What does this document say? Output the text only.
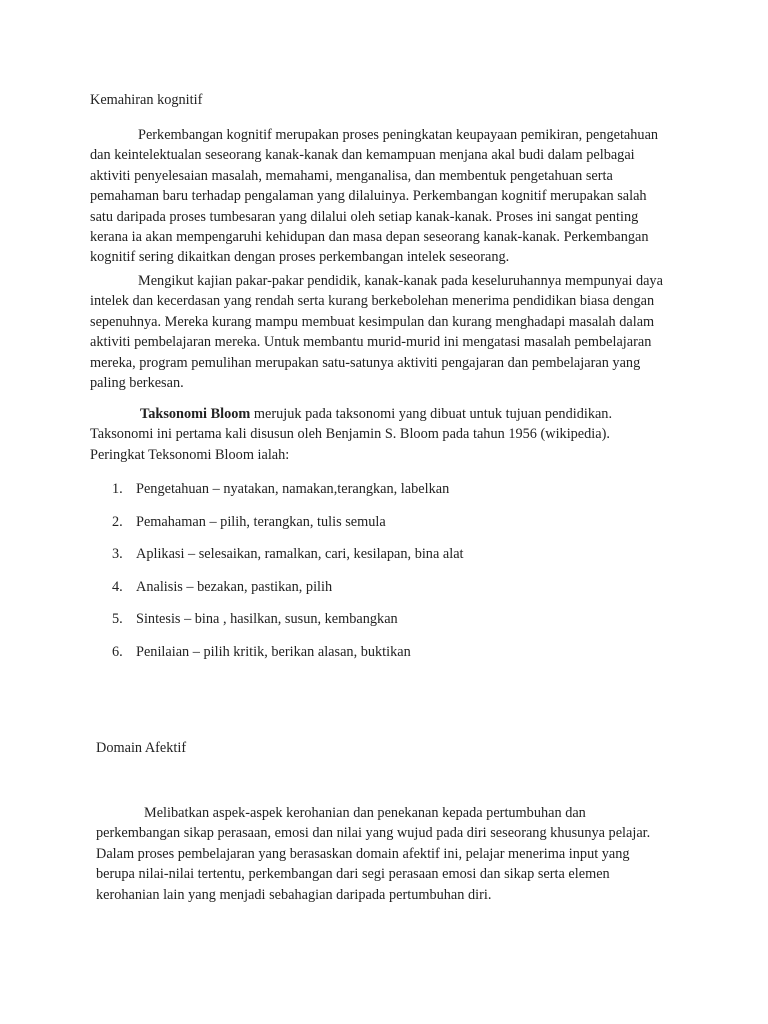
Kemahiran kognitif

Perkembangan kognitif merupakan proses peningkatan keupayaan pemikiran, pengetahuan
dan keintelektualan seseorang kanak-kanak dan kemampuan menjana akal budi dalam pelbagai
aktiviti penyelesaian masalah, memahami, menganalisa, dan membentuk pengetahuan serta
pemahaman baru terhadap pengalaman yang dilaluinya. Perkembangan kognitif merupakan salah
satu daripada proses tumbesaran yang dilalui oleh setiap kanak-kanak. Proses ini sangat penting
kerana ia akan mempengaruhi kehidupan dan masa depan seseorang kanak-kanak. Perkembangan
kognitif sering dikaitkan dengan proses perkembangan intelek seseorang.

Mengikut kajian pakar-pakar pendidik, kanak-kanak pada keseluruhannya mempunyai daya
intelek dan kecerdasan yang rendah serta kurang berkebolehan menerima pendidikan biasa dengan
sepenuhnya. Mereka kurang mampu membuat kesimpulan dan kurang menghadapi masalah dalam
aktiviti pembelajaran mereka. Untuk membantu murid-murid ini mengatasi masalah pembelajaran
mereka, program pemulihan merupakan satu-satunya aktiviti pengajaran dan pembelajaran yang
paling berkesan.

Taksonomi Bloom merujuk pada taksonomi yang dibuat untuk tujuan pendidikan.
Taksonomi ini pertama kali disusun oleh Benjamin S. Bloom pada tahun 1956 (wikipedia).
Peringkat Teksonomi Bloom ialah:

1. Pengetahuan – nyatakan, namakan,terangkan, labelkan
2. Pemahaman – pilih, terangkan, tulis semula
3. Aplikasi – selesaikan, ramalkan, cari, kesilapan, bina alat
4. Analisis – bezakan, pastikan, pilih
5. Sintesis – bina , hasilkan, susun, kembangkan
6. Penilaian – pilih kritik, berikan alasan, buktikan
Domain Afektif

Melibatkan aspek-aspek kerohanian dan penekanan kepada pertumbuhan dan
perkembangan sikap perasaan, emosi dan nilai yang wujud pada diri seseorang khusunya pelajar.
Dalam proses pembelajaran yang berasaskan domain afektif ini, pelajar menerima input yang
berupa nilai-nilai tertentu, perkembangan dari segi perasaan emosi dan sikap serta elemen
kerohanian lain yang menjadi sebahagian daripada pertumbuhan diri.
